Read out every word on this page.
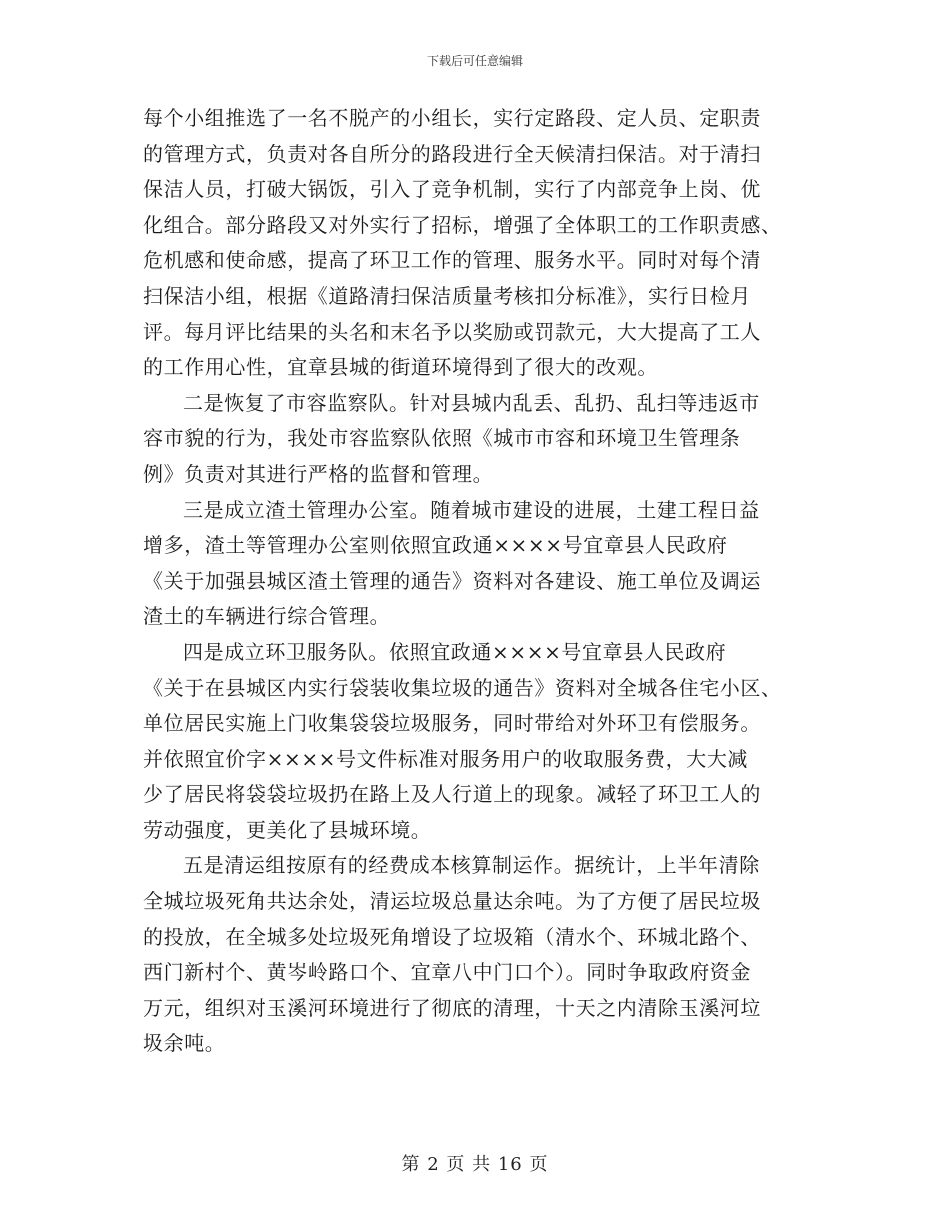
下载后可任意编辑
每个小组推选了一名不脱产的小组长，实行定路段、定人员、定职责
的管理方式，负责对各自所分的路段进行全天候清扫保洁。对于清扫
保洁人员，打破大锅饭，引入了竞争机制，实行了内部竞争上岗、优
化组合。部分路段又对外实行了招标，增强了全体职工的工作职责感、
危机感和使命感，提高了环卫工作的管理、服务水平。同时对每个清
扫保洁小组，根据《道路清扫保洁质量考核扣分标准》，实行日检月
评。每月评比结果的头名和末名予以奖励或罚款元，大大提高了工人
的工作用心性，宜章县城的街道环境得到了很大的改观。
二是恢复了市容监察队。针对县城内乱丢、乱扔、乱扫等违返市
容市貌的行为，我处市容监察队依照《城市市容和环境卫生管理条
例》负责对其进行严格的监督和管理。
三是成立渣土管理办公室。随着城市建设的进展，土建工程日益
增多，渣土等管理办公室则依照宜政通××××号宜章县人民政府
《关于加强县城区渣土管理的通告》资料对各建设、施工单位及调运
渣土的车辆进行综合管理。
四是成立环卫服务队。依照宜政通××××号宜章县人民政府
《关于在县城区内实行袋装收集垃圾的通告》资料对全城各住宅小区、
单位居民实施上门收集袋袋垃圾服务，同时带给对外环卫有偿服务。
并依照宜价字××××号文件标准对服务用户的收取服务费，大大减
少了居民将袋袋垃圾扔在路上及人行道上的现象。减轻了环卫工人的
劳动强度，更美化了县城环境。
五是清运组按原有的经费成本核算制运作。据统计，上半年清除
全城垃圾死角共达余处，清运垃圾总量达余吨。为了方便了居民垃圾
的投放，在全城多处垃圾死角增设了垃圾箱（清水个、环城北路个、
西门新村个、黄岑岭路口个、宜章八中门口个）。同时争取政府资金
万元，组织对玉溪河环境进行了彻底的清理，十天之内清除玉溪河垃
圾余吨。
第 2 页 共 16 页
